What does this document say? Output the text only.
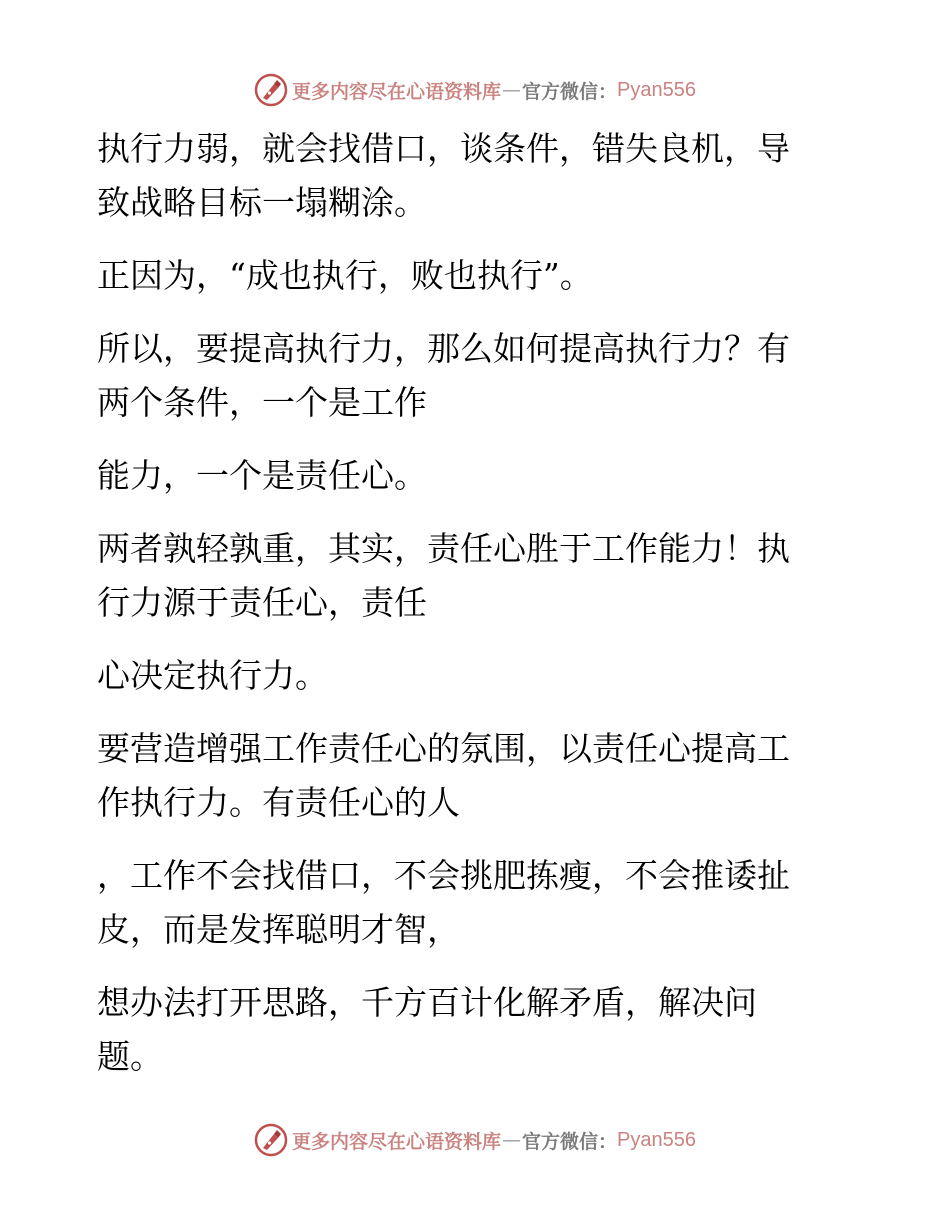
更多内容尽在心语资料库 — 官方微信： Pyan556
执行力弱，就会找借口，谈条件，错失良机，导
致战略目标一塌糊涂。
正因为，“成也执行，败也执行”。
所以，要提高执行力，那么如何提高执行力？有
两个条件，一个是工作
能力，一个是责任心。
两者孰轻孰重，其实，责任心胜于工作能力！执
行力源于责任心，责任
心决定执行力。
要营造增强工作责任心的氛围，以责任心提高工
作执行力。有责任心的人
，工作不会找借口，不会挑肥拣瘦，不会推诿扯
皮，而是发挥聪明才智，
想办法打开思路，千方百计化解矛盾，解决问
题。
更多内容尽在心语资料库 — 官方微信： Pyan556
